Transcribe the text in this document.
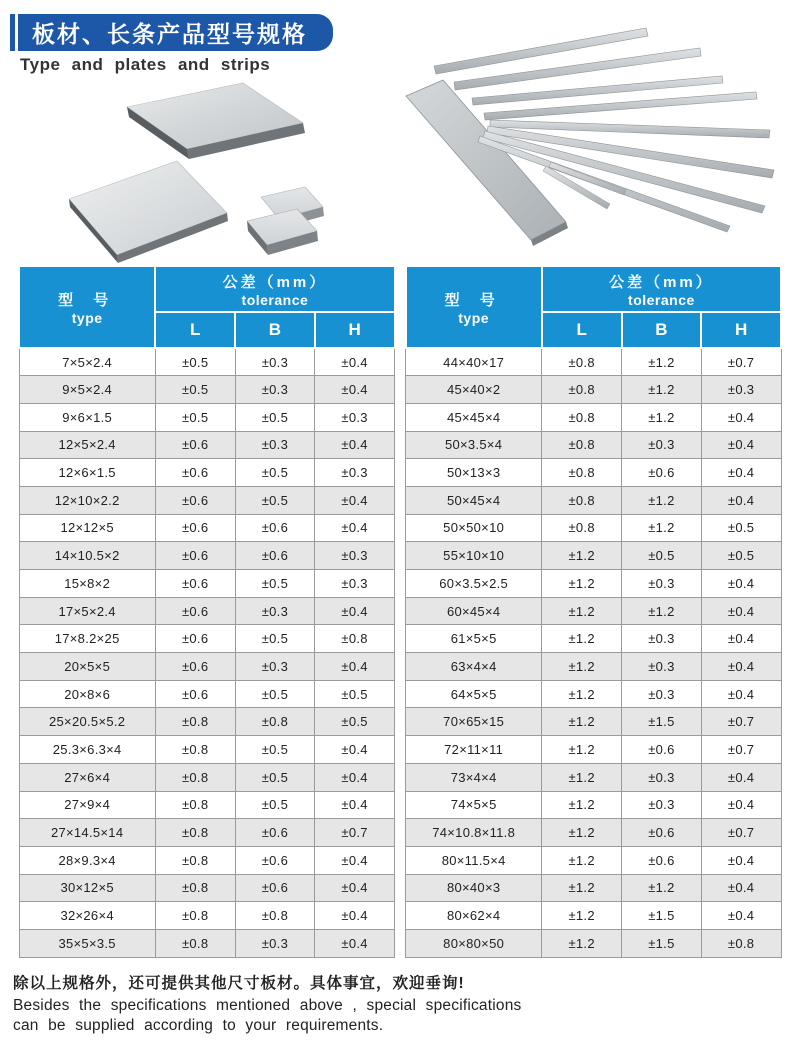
板材、长条产品型号规格
Type and plates and strips
型 号
type

公差（mm）
tolerance

	L	B	H
7×5×2.4	±0.5	±0.3	±0.4
9×5×2.4	±0.5	±0.3	±0.4
9×6×1.5	±0.5	±0.5	±0.3
12×5×2.4	±0.6	±0.3	±0.4
12×6×1.5	±0.6	±0.5	±0.3
12×10×2.2	±0.6	±0.5	±0.4
12×12×5	±0.6	±0.6	±0.4
14×10.5×2	±0.6	±0.6	±0.3
15×8×2	±0.6	±0.5	±0.3
17×5×2.4	±0.6	±0.3	±0.4
17×8.2×25	±0.6	±0.5	±0.8
20×5×5	±0.6	±0.3	±0.4
20×8×6	±0.6	±0.5	±0.5
25×20.5×5.2	±0.8	±0.8	±0.5
25.3×6.3×4	±0.8	±0.5	±0.4
27×6×4	±0.8	±0.5	±0.4
27×9×4	±0.8	±0.5	±0.4
27×14.5×14	±0.8	±0.6	±0.7
28×9.3×4	±0.8	±0.6	±0.4
30×12×5	±0.8	±0.6	±0.4
32×26×4	±0.8	±0.8	±0.4
35×5×3.5	±0.8	±0.3	±0.4
型 号
type

公差（mm）
tolerance

	L	B	H
44×40×17	±0.8	±1.2	±0.7
45×40×2	±0.8	±1.2	±0.3
45×45×4	±0.8	±1.2	±0.4
50×3.5×4	±0.8	±0.3	±0.4
50×13×3	±0.8	±0.6	±0.4
50×45×4	±0.8	±1.2	±0.4
50×50×10	±0.8	±1.2	±0.5
55×10×10	±1.2	±0.5	±0.5
60×3.5×2.5	±1.2	±0.3	±0.4
60×45×4	±1.2	±1.2	±0.4
61×5×5	±1.2	±0.3	±0.4
63×4×4	±1.2	±0.3	±0.4
64×5×5	±1.2	±0.3	±0.4
70×65×15	±1.2	±1.5	±0.7
72×11×11	±1.2	±0.6	±0.7
73×4×4	±1.2	±0.3	±0.4
74×5×5	±1.2	±0.3	±0.4
74×10.8×11.8	±1.2	±0.6	±0.7
80×11.5×4	±1.2	±0.6	±0.4
80×40×3	±1.2	±1.2	±0.4
80×62×4	±1.2	±1.5	±0.4
80×80×50	±1.2	±1.5	±0.8
除以上规格外，还可提供其他尺寸板材。具体事宜，欢迎垂询!
Besides the specifications mentioned above , special specifications
can be supplied according to your requirements.
